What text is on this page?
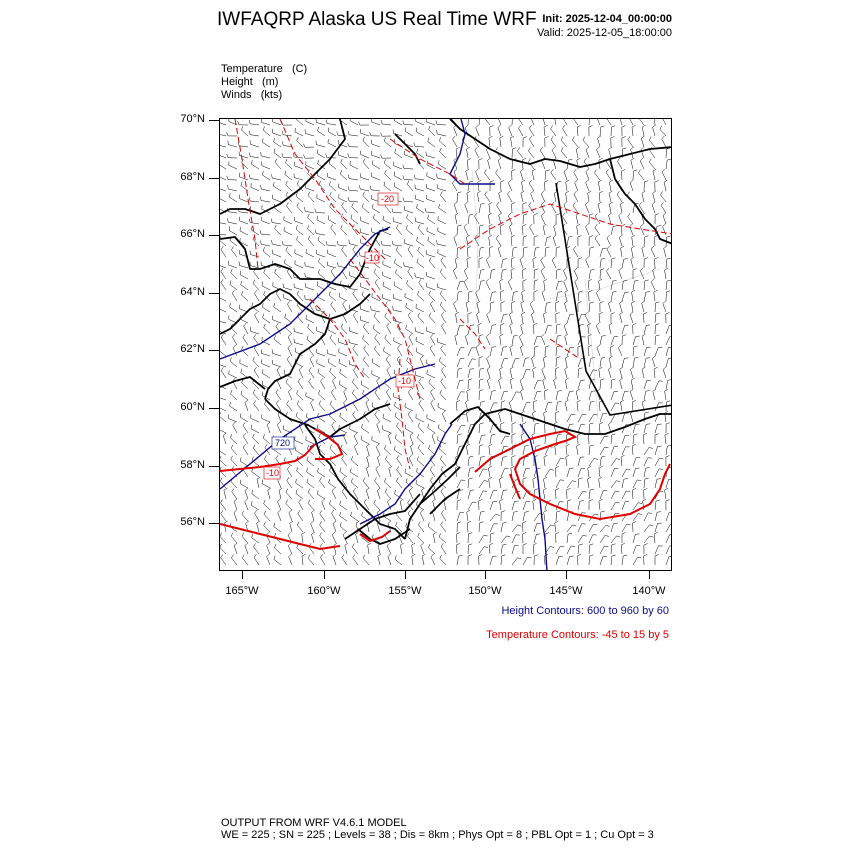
IWFAQRP Alaska US Real Time WRF Init: 2025-12-04_00:00:00
Valid: 2025-12-05_18:00:00
Temperature (C)
Height (m)
Winds (kts)
70°N
68°N
66°N
64°N
62°N
60°N
58°N
56°N
165°W	160°W	155°W	150°W	145°W	140°W
-20
-10
-10
-10
720
Height Contours: 600 to 960 by 60
Temperature Contours: -45 to 15 by 5
OUTPUT FROM WRF V4.6.1 MODEL
WE = 225 ; SN = 225 ; Levels = 38 ; Dis = 8km ; Phys Opt = 8 ; PBL Opt = 1 ; Cu Opt = 3
